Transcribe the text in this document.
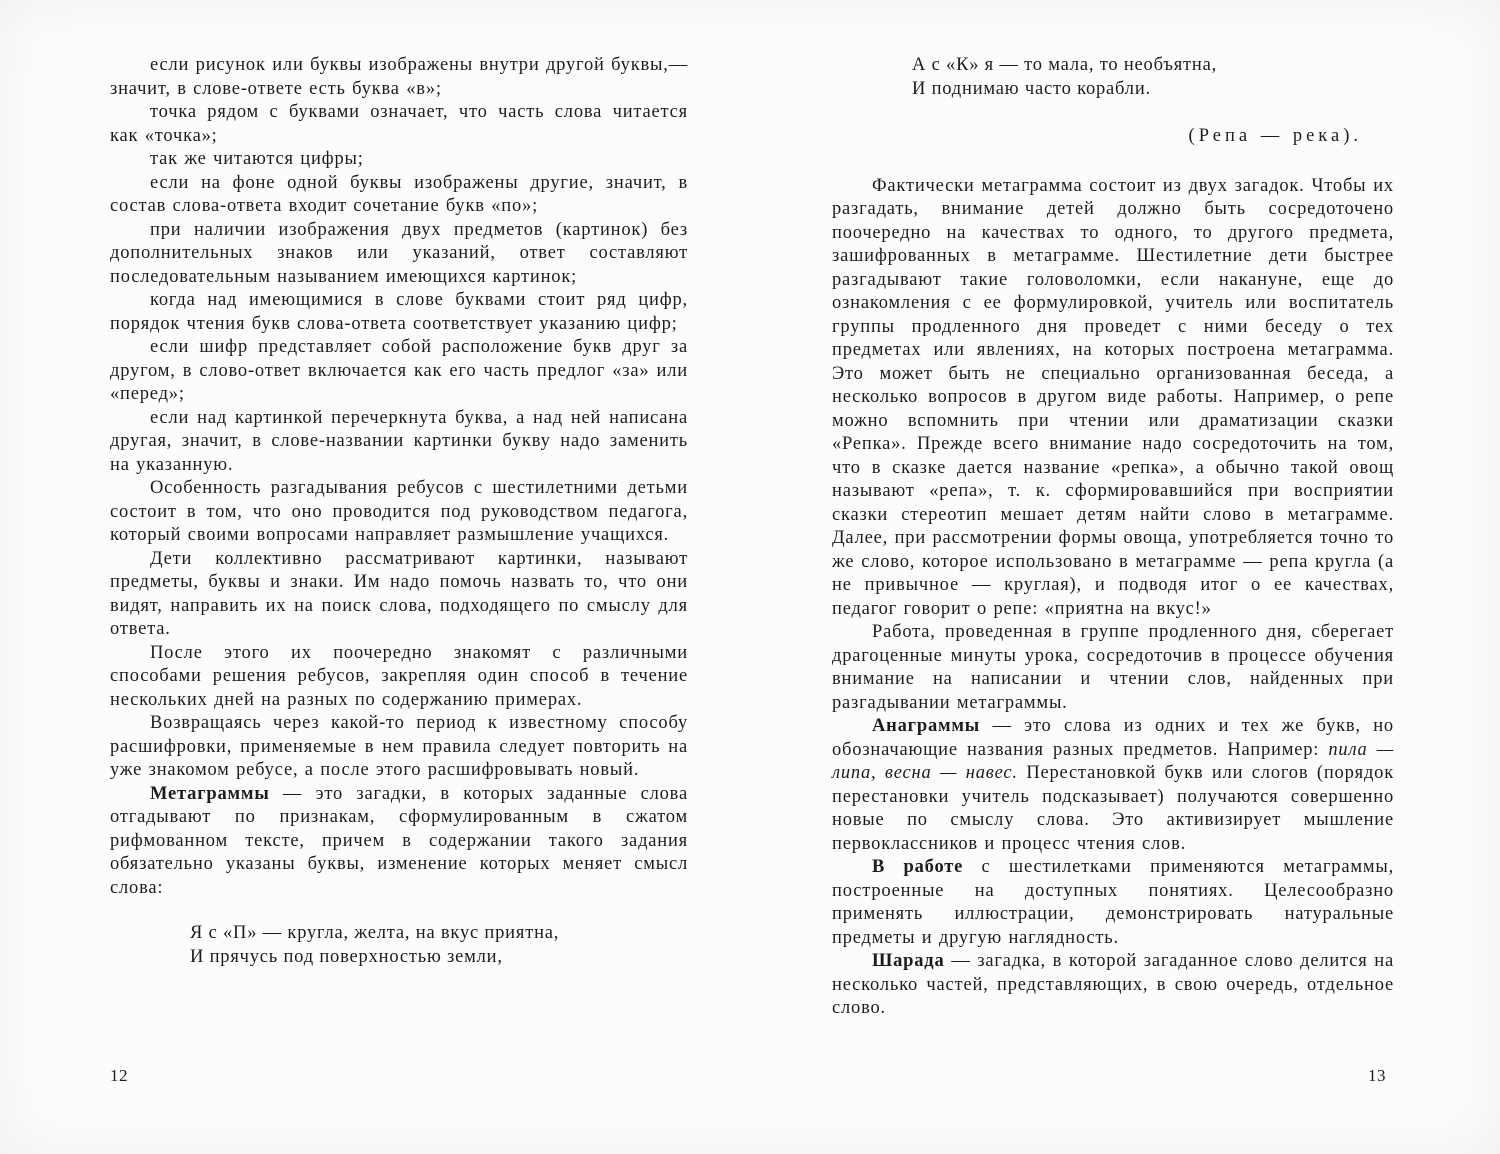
если рисунок или буквы изображены внутри другой буквы,— значит, в слове-ответе есть буква «в»;

точка рядом с буквами означает, что часть слова читается как «точка»;

так же читаются цифры;

если на фоне одной буквы изображены другие, значит, в состав слова-ответа входит сочетание букв «по»;

при наличии изображения двух предметов (картинок) без дополнительных знаков или указаний, ответ составляют последовательным называнием имеющихся картинок;

когда над имеющимися в слове буквами стоит ряд цифр, порядок чтения букв слова-ответа соответствует указанию цифр;

если шифр представляет собой расположение букв друг за другом, в слово-ответ включается как его часть предлог «за» или «перед»;

если над картинкой перечеркнута буква, а над ней написана другая, значит, в слове-названии картинки букву надо заменить на указанную.

Особенность разгадывания ребусов с шестилетними детьми состоит в том, что оно проводится под руководством педагога, который своими вопросами направляет размышление учащихся.

Дети коллективно рассматривают картинки, называют предметы, буквы и знаки. Им надо помочь назвать то, что они видят, направить их на поиск слова, подходящего по смыслу для ответа.

После этого их поочередно знакомят с различными способами решения ребусов, закрепляя один способ в течение нескольких дней на разных по содержанию примерах.

Возвращаясь через какой-то период к известному способу расшифровки, применяемые в нем правила следует повторить на уже знакомом ребусе, а после этого расшифровывать новый.

Метаграммы — это загадки, в которых заданные слова отгадывают по признакам, сформулированным в сжатом рифмованном тексте, причем в содержании такого задания обязательно указаны буквы, изменение которых меняет смысл слова:

Я с «П» — кругла, желта, на вкус приятна,
И прячусь под поверхностью земли,
А с «К» я — то мала, то необъятна,
И поднимаю часто корабли.

(Репа — река).

Фактически метаграмма состоит из двух загадок. Чтобы их разгадать, внимание детей должно быть сосредоточено поочередно на качествах то одного, то другого предмета, зашифрованных в метаграмме. Шестилетние дети быстрее разгадывают такие головоломки, если накануне, еще до ознакомления с ее формулировкой, учитель или воспитатель группы продленного дня проведет с ними беседу о тех предметах или явлениях, на которых построена метаграмма. Это может быть не специально организованная беседа, а несколько вопросов в другом виде работы. Например, о репе можно вспомнить при чтении или драматизации сказки «Репка». Прежде всего внимание надо сосредоточить на том, что в сказке дается название «репка», а обычно такой овощ называют «репа», т. к. сформировавшийся при восприятии сказки стереотип мешает детям найти слово в метаграмме. Далее, при рассмотрении формы овоща, употребляется точно то же слово, которое использовано в метаграмме — репа кругла (а не привычное — круглая), и подводя итог о ее качествах, педагог говорит о репе: «приятна на вкус!»

Работа, проведенная в группе продленного дня, сберегает драгоценные минуты урока, сосредоточив в процессе обучения внимание на написании и чтении слов, найденных при разгадывании метаграммы.

Анаграммы — это слова из одних и тех же букв, но обозначающие названия разных предметов. Например: пила — липа, весна — навес. Перестановкой букв или слогов (порядок перестановки учитель подсказывает) получаются совершенно новые по смыслу слова. Это активизирует мышление первоклассников и процесс чтения слов.

В работе с шестилетками применяются метаграммы, построенные на доступных понятиях. Целесообразно применять иллюстрации, демонстрировать натуральные предметы и другую наглядность.

Шарада — загадка, в которой загаданное слово делится на несколько частей, представляющих, в свою очередь, отдельное слово.

12	13
